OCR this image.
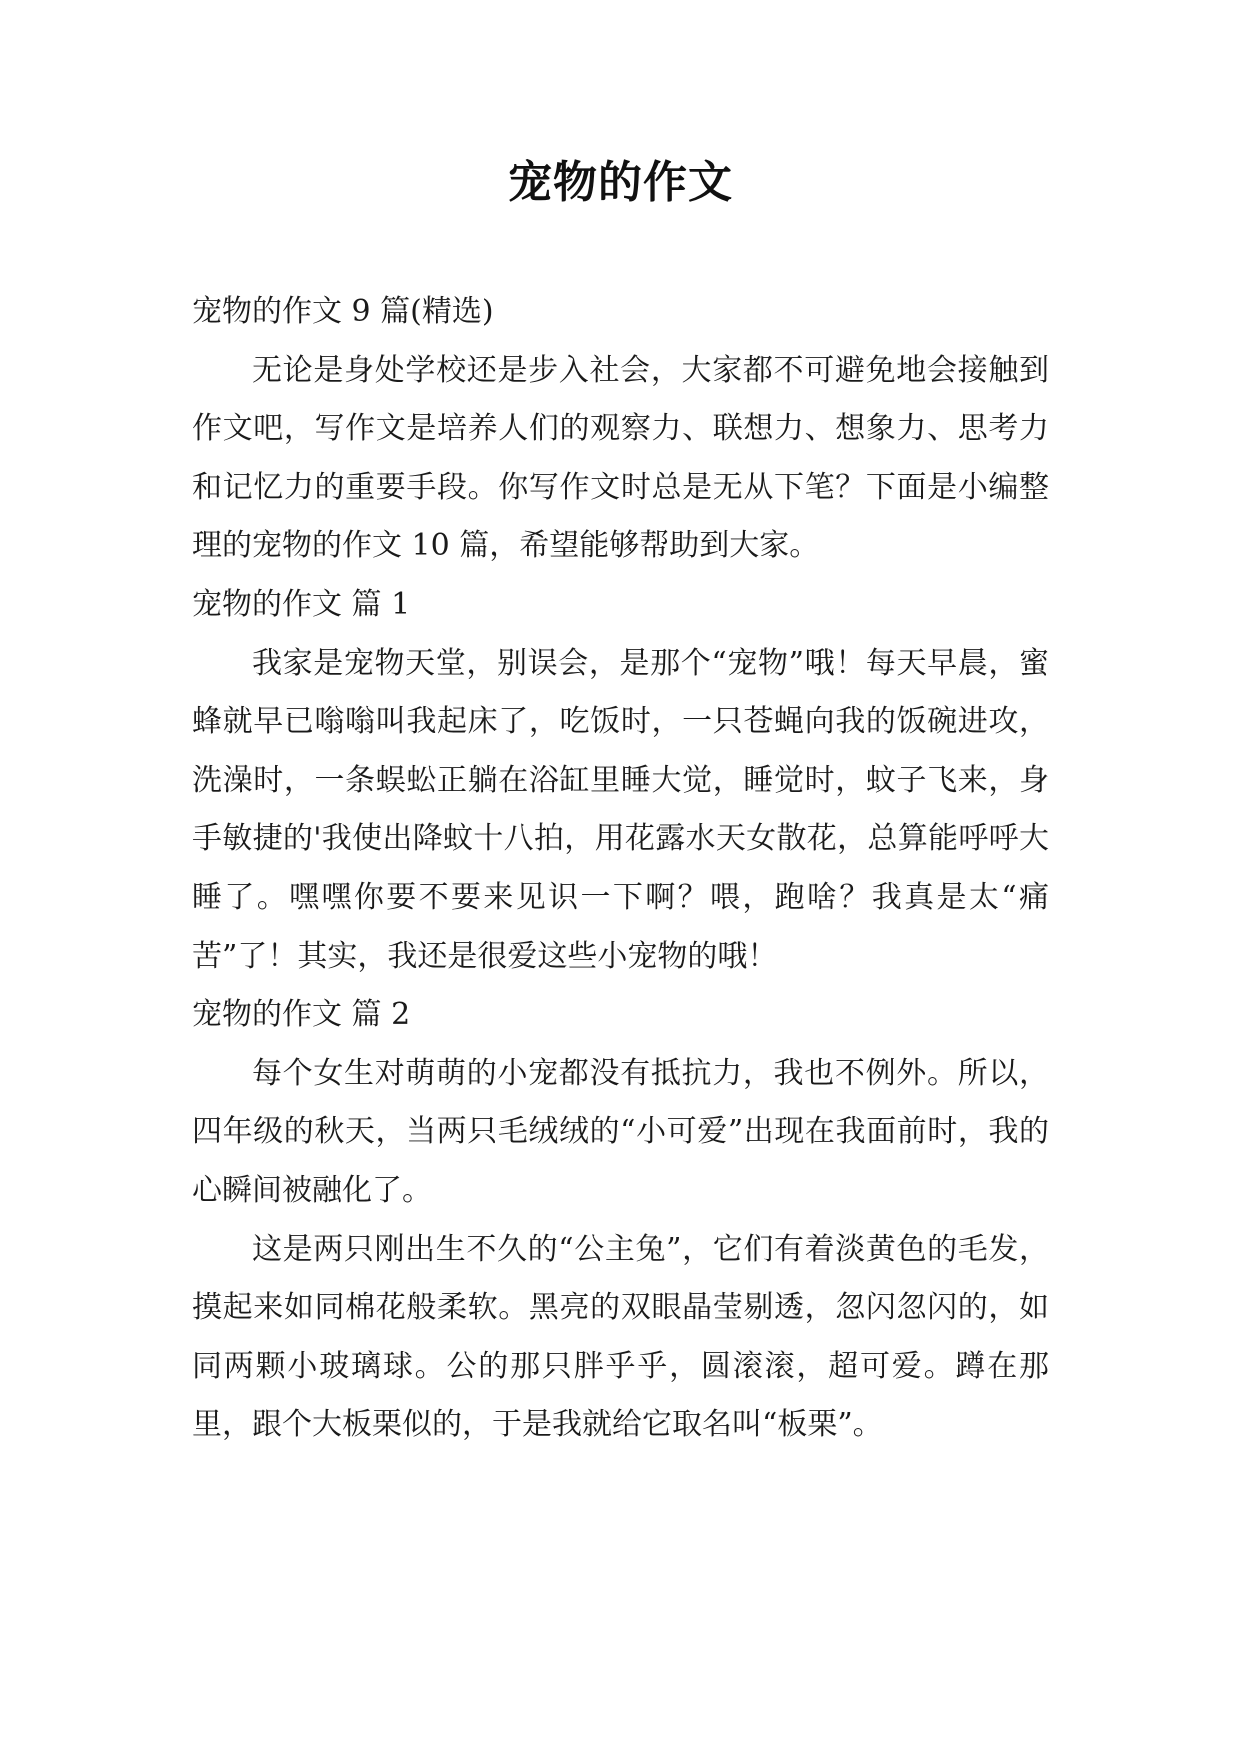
宠物的作文

宠物的作文 9 篇(精选)

无论是身处学校还是步入社会，大家都不可避免地会接触到作文吧，写作文是培养人们的观察力、联想力、想象力、思考力和记忆力的重要手段。你写作文时总是无从下笔？下面是小编整理的宠物的作文 10 篇，希望能够帮助到大家。

宠物的作文 篇 1

我家是宠物天堂，别误会，是那个“宠物”哦！每天早晨，蜜蜂就早已嗡嗡叫我起床了，吃饭时，一只苍蝇向我的饭碗进攻，洗澡时，一条蜈蚣正躺在浴缸里睡大觉，睡觉时，蚊子飞来，身手敏捷的'我使出降蚊十八拍，用花露水天女散花，总算能呼呼大睡了。嘿嘿你要不要来见识一下啊？喂，跑啥？我真是太“痛苦”了！其实，我还是很爱这些小宠物的哦！

宠物的作文 篇 2

每个女生对萌萌的小宠都没有抵抗力，我也不例外。所以，四年级的秋天，当两只毛绒绒的“小可爱”出现在我面前时，我的心瞬间被融化了。

这是两只刚出生不久的“公主兔”，它们有着淡黄色的毛发，摸起来如同棉花般柔软。黑亮的双眼晶莹剔透，忽闪忽闪的，如同两颗小玻璃球。公的那只胖乎乎，圆滚滚，超可爱。蹲在那里，跟个大板栗似的，于是我就给它取名叫“板栗”。
